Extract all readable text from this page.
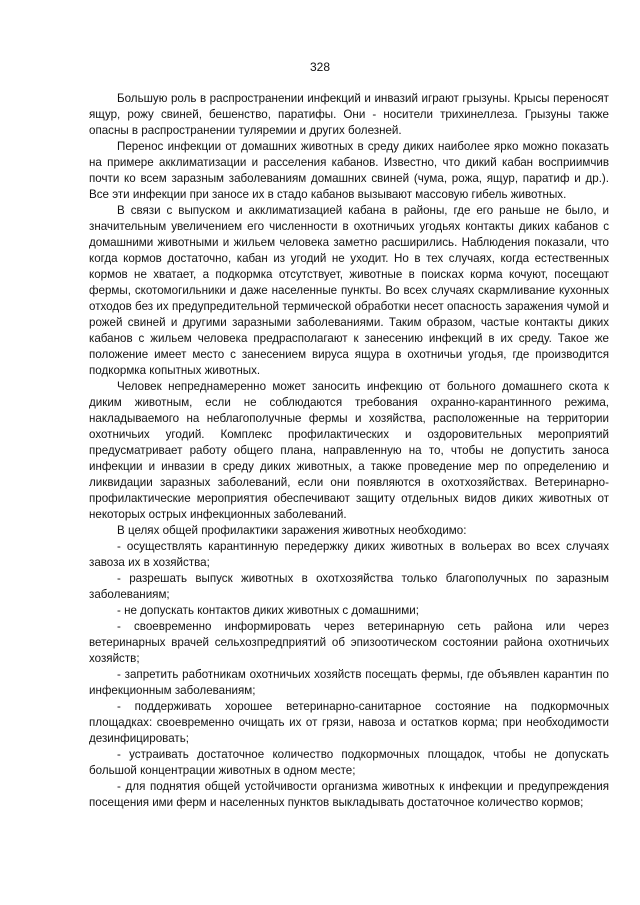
328

Большую роль в распространении инфекций и инвазий играют грызуны. Крысы переносят ящур, рожу свиней, бешенство, паратифы. Они - носители трихинеллеза. Грызуны также опасны в распространении туляремии и других болезней.

Перенос инфекции от домашних животных в среду диких наиболее ярко можно показать на примере акклиматизации и расселения кабанов. Известно, что дикий кабан восприимчив почти ко всем заразным заболеваниям домашних свиней (чума, рожа, ящур, паратиф и др.). Все эти инфекции при заносе их в стадо кабанов вызывают массовую гибель животных.

В связи с выпуском и акклиматизацией кабана в районы, где его раньше не было, и значительным увеличением его численности в охотничьих угодьях контакты диких кабанов с домашними животными и жильем человека заметно расширились. Наблюдения показали, что когда кормов достаточно, кабан из угодий не уходит. Но в тех случаях, когда естественных кормов не хватает, а подкормка отсутствует, животные в поисках корма кочуют, посещают фермы, скотомогильники и даже населенные пункты. Во всех случаях скармливание кухонных отходов без их предупредительной термической обработки несет опасность заражения чумой и рожей свиней и другими заразными заболеваниями. Таким образом, частые контакты диких кабанов с жильем человека предрасполагают к занесению инфекций в их среду. Такое же положение имеет место с занесением вируса ящура в охотничьи угодья, где производится подкормка копытных животных.

Человек непреднамеренно может заносить инфекцию от больного домашнего скота к диким животным, если не соблюдаются требования охранно-карантинного режима, накладываемого на неблагополучные фермы и хозяйства, расположенные на территории охотничьих угодий. Комплекс профилактических и оздоровительных мероприятий предусматривает работу общего плана, направленную на то, чтобы не допустить заноса инфекции и инвазии в среду диких животных, а также проведение мер по определению и ликвидации заразных заболеваний, если они появляются в охотхозяйствах. Ветеринарно-профилактические мероприятия обеспечивают защиту отдельных видов диких животных от некоторых острых инфекционных заболеваний.

В целях общей профилактики заражения животных необходимо:

- осуществлять карантинную передержку диких животных в вольерах во всех случаях завоза их в хозяйства;

- разрешать выпуск животных в охотхозяйства только благополучных по заразным заболеваниям;

- не допускать контактов диких животных с домашними;

- своевременно информировать через ветеринарную сеть района или через ветеринарных врачей сельхозпредприятий об эпизоотическом состоянии района охотничьих хозяйств;

- запретить работникам охотничьих хозяйств посещать фермы, где объявлен карантин по инфекционным заболеваниям;

- поддерживать хорошее ветеринарно-санитарное состояние на подкормочных площадках: своевременно очищать их от грязи, навоза и остатков корма; при необходимости дезинфицировать;

- устраивать достаточное количество подкормочных площадок, чтобы не допускать большой концентрации животных в одном месте;

- для поднятия общей устойчивости организма животных к инфекции и предупреждения посещения ими ферм и населенных пунктов выкладывать достаточное количество кормов;
